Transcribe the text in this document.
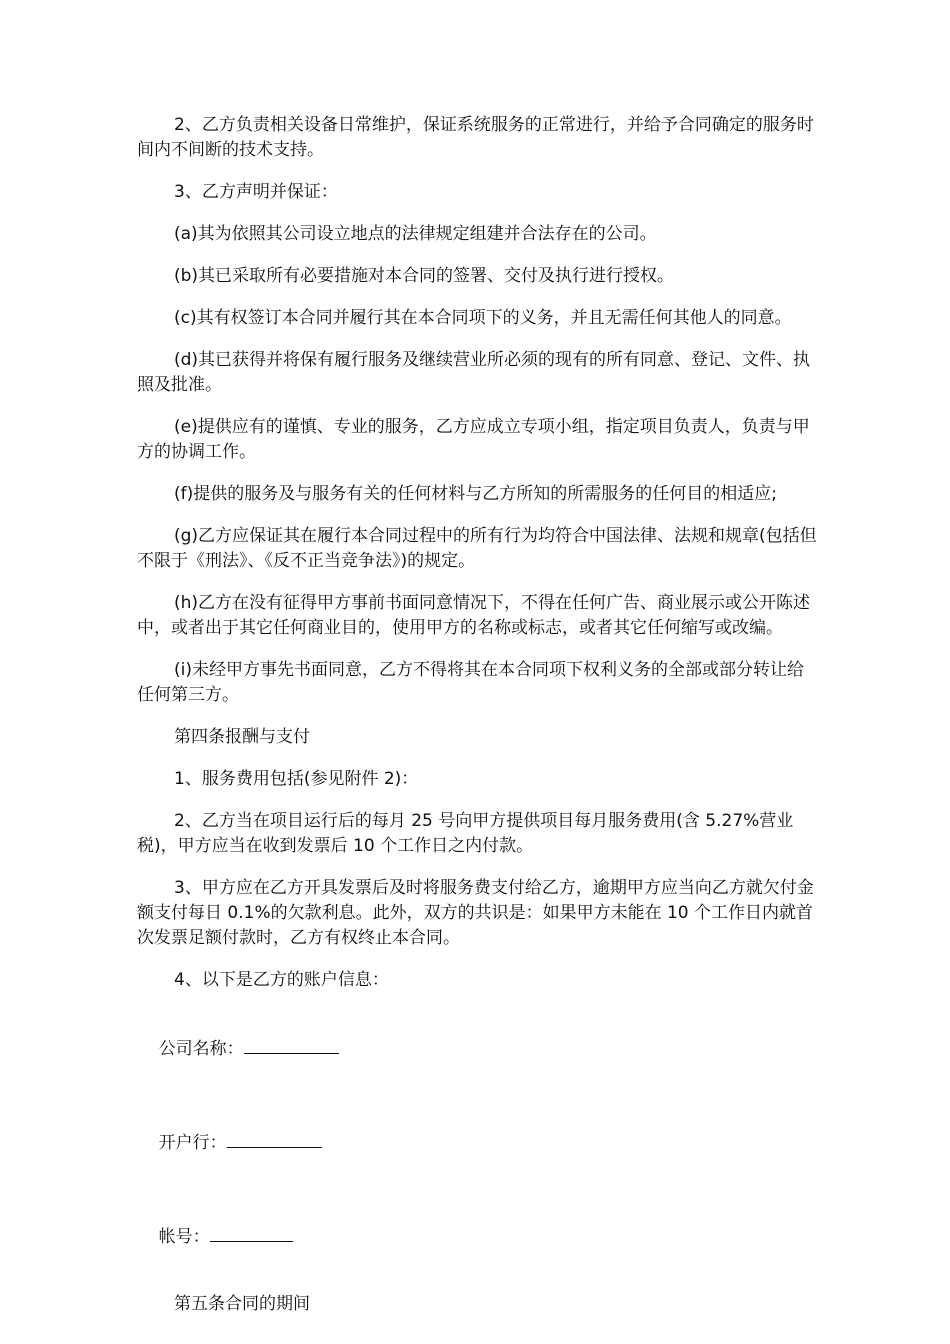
2、乙方负责相关设备日常维护，保证系统服务的正常进行，并给予合同确定的服务时间内不间断的技术支持。

3、乙方声明并保证：

(a)其为依照其公司设立地点的法律规定组建并合法存在的公司。

(b)其已采取所有必要措施对本合同的签署、交付及执行进行授权。

(c)其有权签订本合同并履行其在本合同项下的义务，并且无需任何其他人的同意。

(d)其已获得并将保有履行服务及继续营业所必须的现有的所有同意、登记、文件、执照及批准。

(e)提供应有的谨慎、专业的服务，乙方应成立专项小组，指定项目负责人，负责与甲方的协调工作。

(f)提供的服务及与服务有关的任何材料与乙方所知的所需服务的任何目的相适应;

(g)乙方应保证其在履行本合同过程中的所有行为均符合中国法律、法规和规章(包括但不限于《刑法》、《反不正当竞争法》)的规定。

(h)乙方在没有征得甲方事前书面同意情况下，不得在任何广告、商业展示或公开陈述中，或者出于其它任何商业目的，使用甲方的名称或标志，或者其它任何缩写或改编。

(i)未经甲方事先书面同意，乙方不得将其在本合同项下权利义务的全部或部分转让给任何第三方。

第四条报酬与支付

1、服务费用包括(参见附件 2)：

2、乙方当在项目运行后的每月 25 号向甲方提供项目每月服务费用(含 5.27%营业税)，甲方应当在收到发票后 10 个工作日之内付款。

3、甲方应在乙方开具发票后及时将服务费支付给乙方，逾期甲方应当向乙方就欠付金额支付每日 0.1%的欠款利息。此外，双方的共识是：如果甲方未能在 10 个工作日内就首次发票足额付款时，乙方有权终止本合同。

4、以下是乙方的账户信息：

公司名称：

开户行：

帐号：

第五条合同的期间
